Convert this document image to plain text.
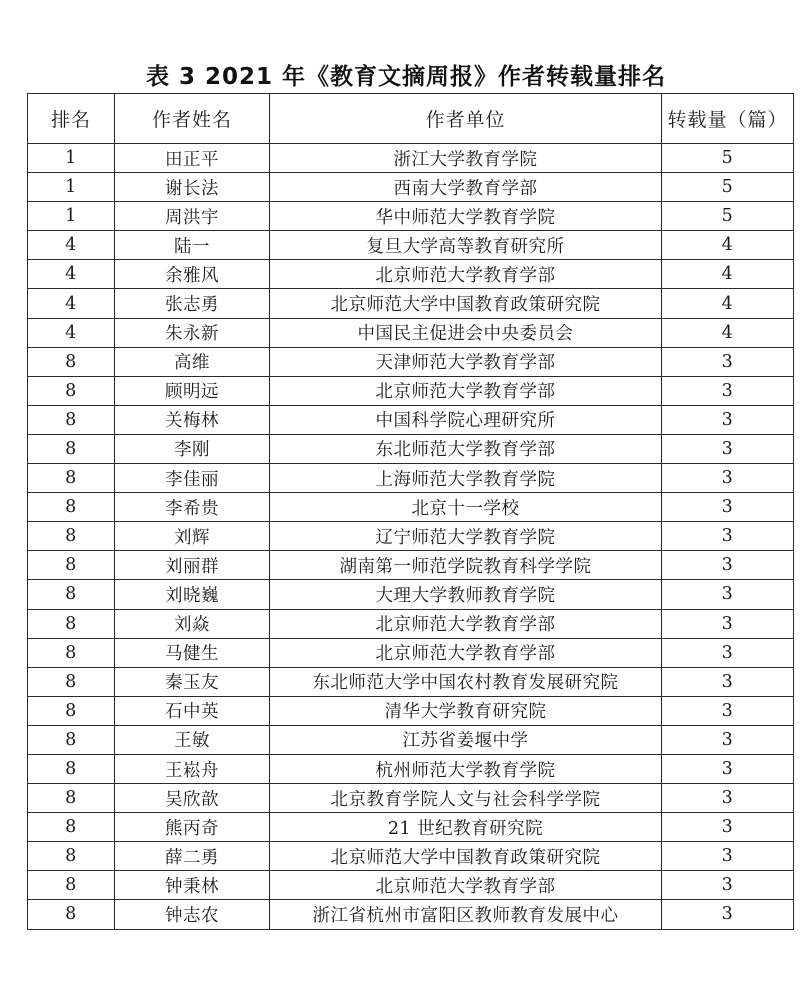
表 3 2021 年《教育文摘周报》作者转载量排名
排名	作者姓名	作者单位	转载量（篇）
1	田正平	浙江大学教育学院	5
1	谢长法	西南大学教育学部	5
1	周洪宇	华中师范大学教育学院	5
4	陆一	复旦大学高等教育研究所	4
4	余雅风	北京师范大学教育学部	4
4	张志勇	北京师范大学中国教育政策研究院	4
4	朱永新	中国民主促进会中央委员会	4
8	高维	天津师范大学教育学部	3
8	顾明远	北京师范大学教育学部	3
8	关梅林	中国科学院心理研究所	3
8	李刚	东北师范大学教育学部	3
8	李佳丽	上海师范大学教育学院	3
8	李希贵	北京十一学校	3
8	刘辉	辽宁师范大学教育学院	3
8	刘丽群	湖南第一师范学院教育科学学院	3
8	刘晓巍	大理大学教师教育学院	3
8	刘焱	北京师范大学教育学部	3
8	马健生	北京师范大学教育学部	3
8	秦玉友	东北师范大学中国农村教育发展研究院	3
8	石中英	清华大学教育研究院	3
8	王敏	江苏省姜堰中学	3
8	王崧舟	杭州师范大学教育学院	3
8	吴欣歆	北京教育学院人文与社会科学学院	3
8	熊丙奇	21 世纪教育研究院	3
8	薛二勇	北京师范大学中国教育政策研究院	3
8	钟秉林	北京师范大学教育学部	3
8	钟志农	浙江省杭州市富阳区教师教育发展中心	3
